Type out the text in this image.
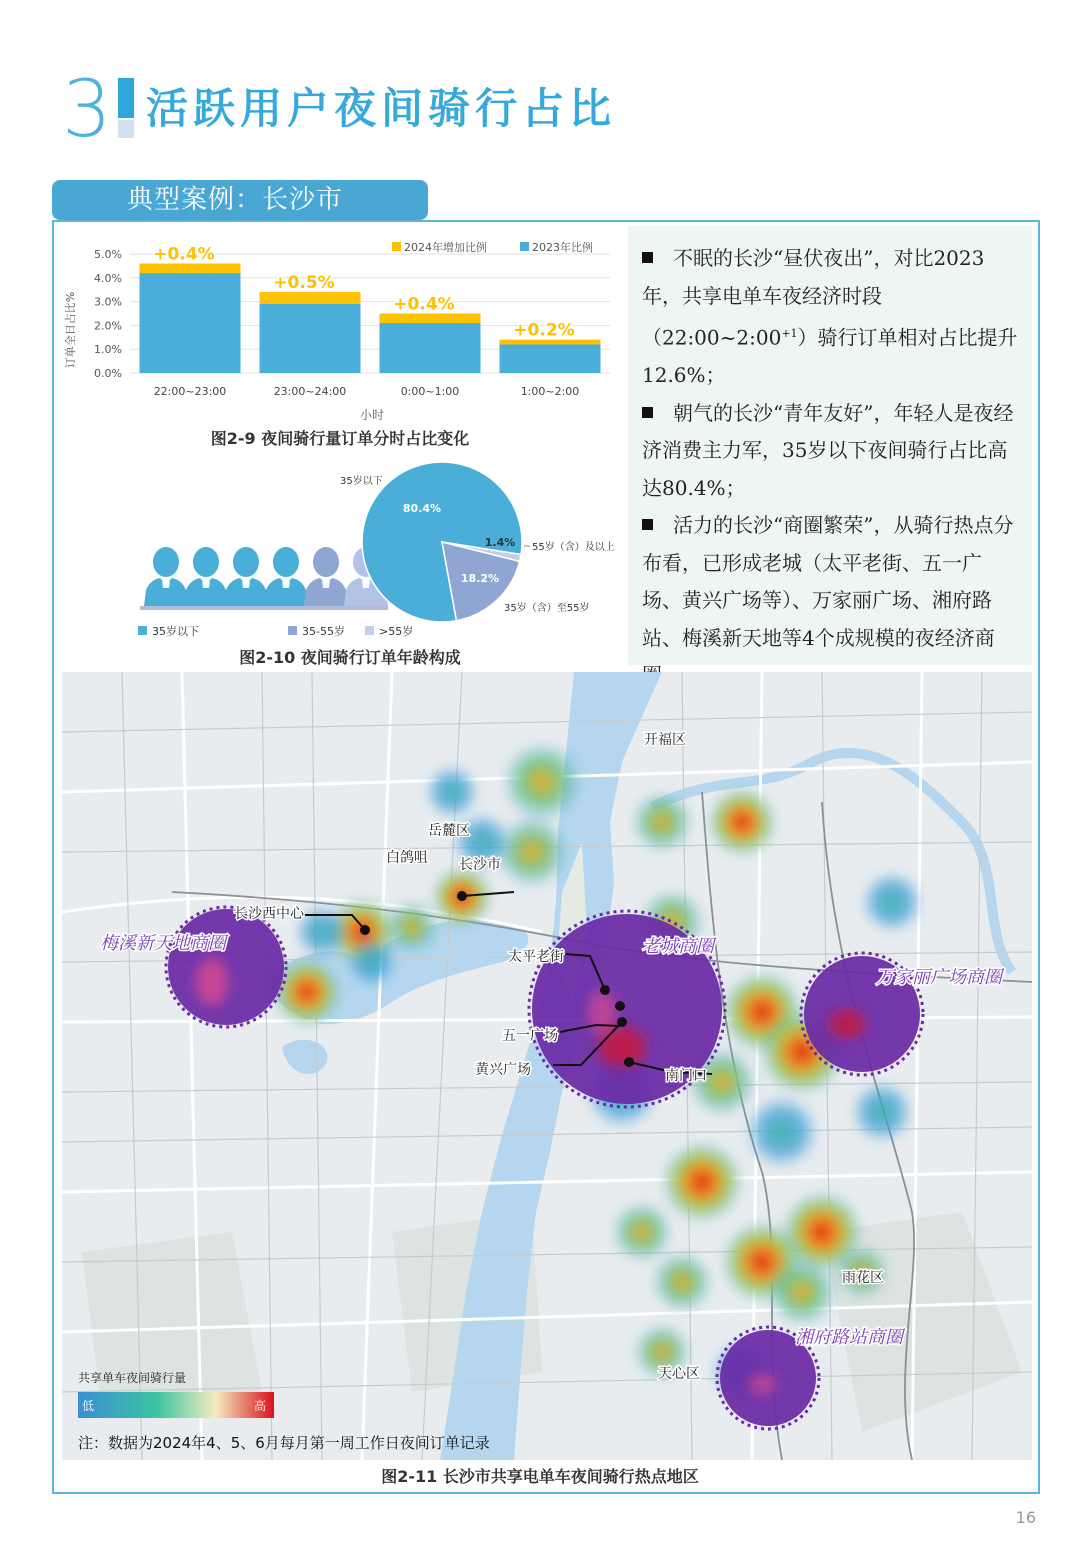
3 活跃用户夜间骑行占比
典型案例：长沙市
0.0%
1.0%
2.0%
3.0%
4.0%
5.0% +0.4%
22:00~23:00
+0.5%
23:00~24:00
+0.4%
0:00~1:00
+0.2%
1:00~2:00
订单全日占比%
2024年增加比例	2023年比例
小时
图2-9 夜间骑行量订单分时占比变化
80.4%
18.2%
1.4%
35岁以下
55岁（含）及以上
35岁（含）至55岁
35岁以下	35-55岁	>55岁
图2-10 夜间骑行订单年龄构成

不眠的长沙“昼伏夜出”，对比2023年，共享电单车夜经济时段$(22:00\sim 2:00^{+1})$骑行订单相对占比提升12.6%；

朝气的长沙“青年友好”，年轻人是夜经济消费主力军，35岁以下夜间骑行占比高达80.4%；

活力的长沙“商圈繁荣”，从骑行热点分布看，已形成老城（太平老街、五一广场、黄兴广场等）、万家丽广场、湘府路站、梅溪新天地等4个成规模的夜经济商

开福区
岳麓区
雨花区
天心区
白鸽咀 长沙市
长沙西中心
太平老街
五一广场
黄兴广场	南门口
梅溪新天地商圈	老城商圈
万家丽广场商圈
湘府路站商圈
共享单车夜间骑行量
低	高
注：数据为2024年4、5、6月每月第一周工作日夜间订单记录
图2-11 长沙市共享电单车夜间骑行热点地区
16
